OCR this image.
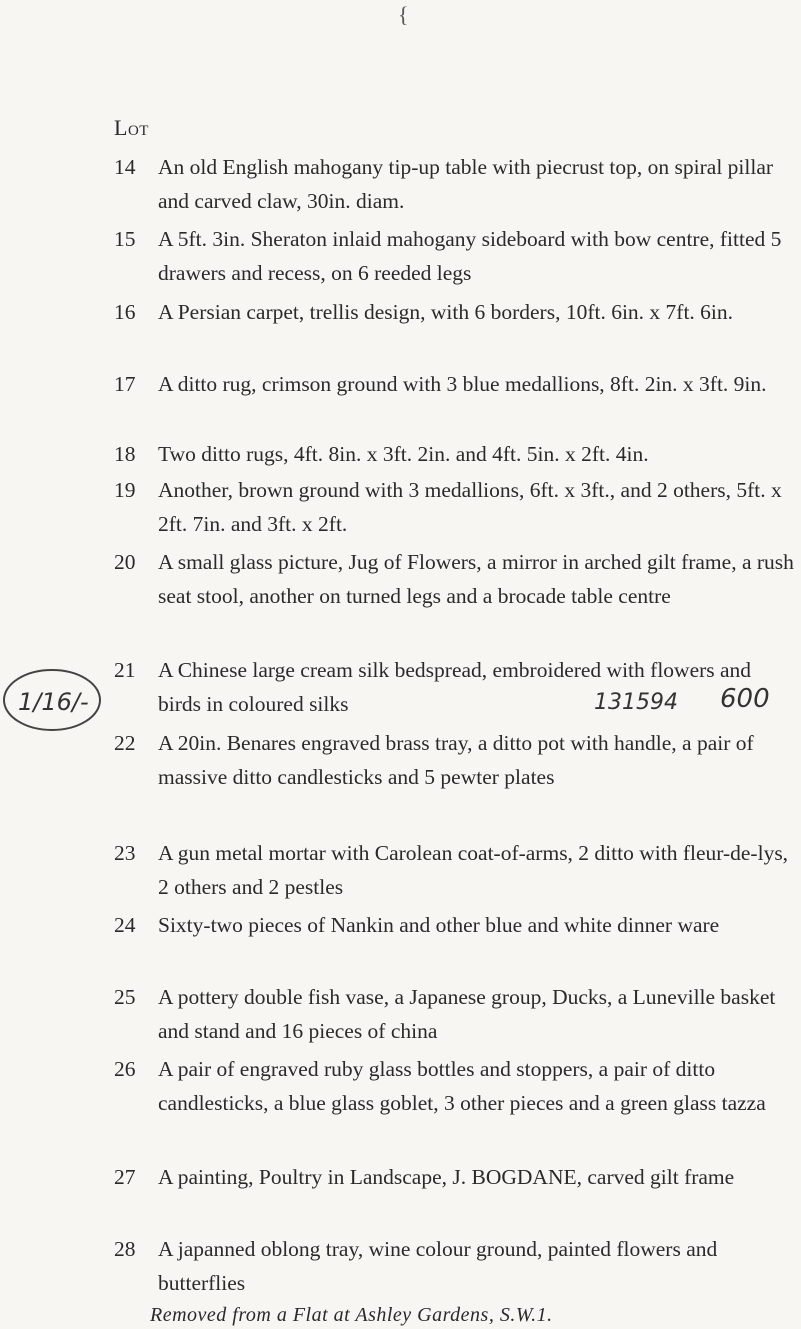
{
Lot
14	An old English mahogany tip-up table with piecrust top, on spiral pillar and carved claw, 30in. diam.
15	A 5ft. 3in. Sheraton inlaid mahogany sideboard with bow centre, fitted 5 drawers and recess, on 6 reeded legs
16	A Persian carpet, trellis design, with 6 borders, 10ft. 6in. x 7ft. 6in.
17	A ditto rug, crimson ground with 3 blue medallions, 8ft. 2in. x 3ft. 9in.
18	Two ditto rugs, 4ft. 8in. x 3ft. 2in. and 4ft. 5in. x 2ft. 4in.
19	Another, brown ground with 3 medallions, 6ft. x 3ft., and 2 others, 5ft. x 2ft. 7in. and 3ft. x 2ft.
20	A small glass picture, Jug of Flowers, a mirror in arched gilt frame, a rush seat stool, another on turned legs and a brocade table centre
21	A Chinese large cream silk bedspread, embroidered with flowers and birds in coloured silks
22	A 20in. Benares engraved brass tray, a ditto pot with handle, a pair of massive ditto candlesticks and 5 pewter plates
23	A gun metal mortar with Carolean coat-of-arms, 2 ditto with fleur-de-lys, 2 others and 2 pestles
24	Sixty-two pieces of Nankin and other blue and white dinner ware
25	A pottery double fish vase, a Japanese group, Ducks, a Luneville basket and stand and 16 pieces of china
26	A pair of engraved ruby glass bottles and stoppers, a pair of ditto candlesticks, a blue glass goblet, 3 other pieces and a green glass tazza
27	A painting, Poultry in Landscape, J. BOGDANE, carved gilt frame
28	A japanned oblong tray, wine colour ground, painted flowers and butterflies
Removed from a Flat at Ashley Gardens, S.W.1.
1/16/-	131594 600
